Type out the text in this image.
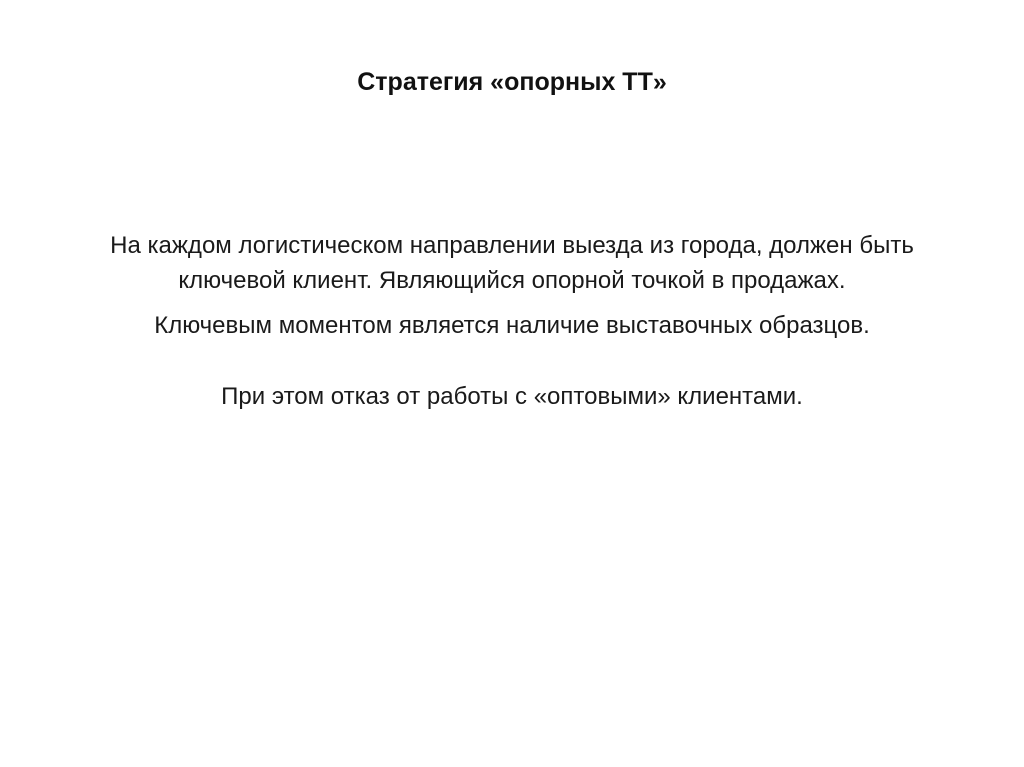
Стратегия «опорных ТТ»

На каждом логистическом направлении выезда из города, должен быть ключевой клиент. Являющийся опорной точкой в продажах.

Ключевым моментом является наличие выставочных образцов.

При этом отказ от работы с «оптовыми» клиентами.
